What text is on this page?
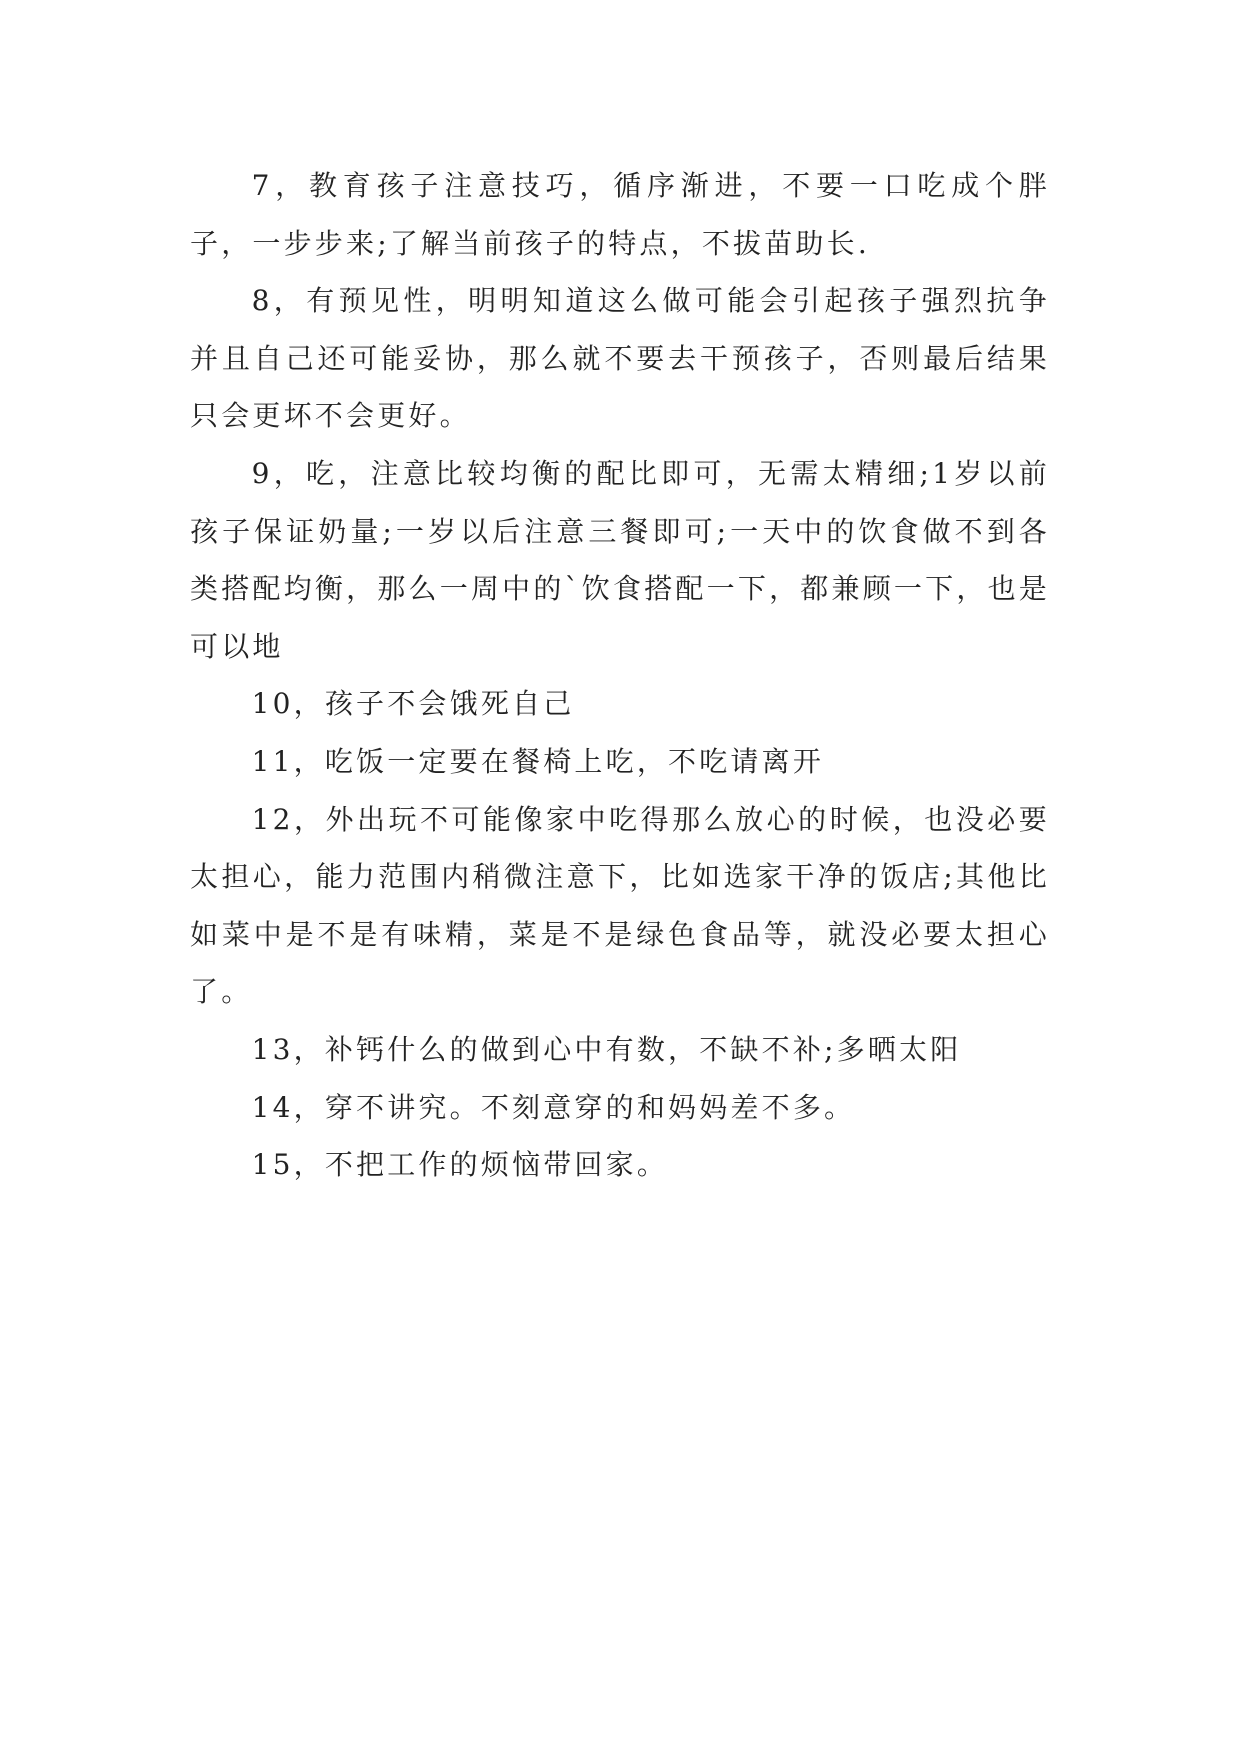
7，教育孩子注意技巧，循序渐进，不要一口吃成个胖子，一步步来;了解当前孩子的特点，不拔苗助长.

8，有预见性，明明知道这么做可能会引起孩子强烈抗争并且自己还可能妥协，那么就不要去干预孩子，否则最后结果只会更坏不会更好。

9，吃，注意比较均衡的配比即可，无需太精细;1岁以前孩子保证奶量;一岁以后注意三餐即可;一天中的饮食做不到各类搭配均衡，那么一周中的`饮食搭配一下，都兼顾一下，也是可以地

10，孩子不会饿死自己

11，吃饭一定要在餐椅上吃，不吃请离开

12，外出玩不可能像家中吃得那么放心的时候，也没必要太担心，能力范围内稍微注意下，比如选家干净的饭店;其他比如菜中是不是有味精，菜是不是绿色食品等，就没必要太担心了。

13，补钙什么的做到心中有数，不缺不补;多晒太阳

14，穿不讲究。不刻意穿的和妈妈差不多。

15，不把工作的烦恼带回家。
